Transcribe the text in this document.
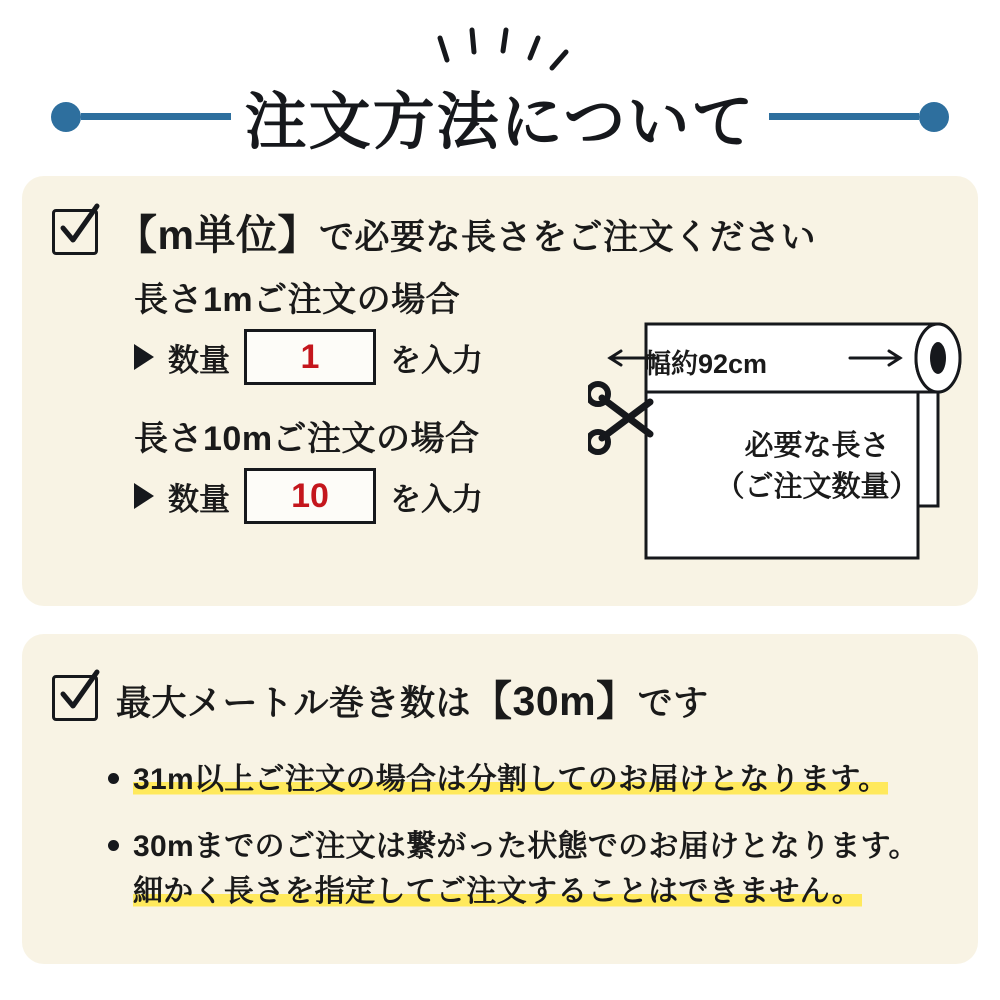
注文方法について
【m単位】で必要な長さをご注文ください

長さ1mご注文の場合

数量 1 を入力

長さ10mご注文の場合

数量 10 を入力
幅約92cm
必要な長さ
（ご注文数量）
最大メートル巻き数は【30m】です
31m以上ご注文の場合は分割してのお届けとなります。
30mまでのご注文は繋がった状態でのお届けとなります。
細かく長さを指定してご注文することはできません。
